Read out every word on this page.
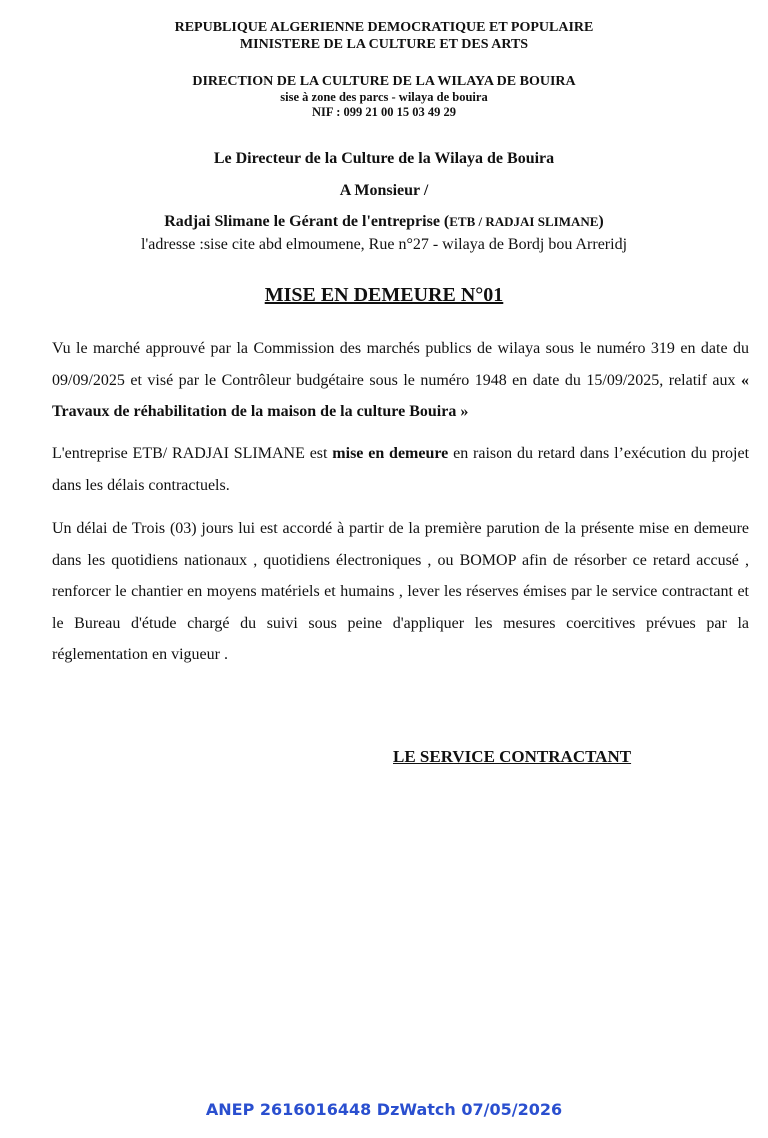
REPUBLIQUE ALGERIENNE DEMOCRATIQUE ET POPULAIRE
MINISTERE DE LA CULTURE ET DES ARTS
DIRECTION DE LA CULTURE DE LA WILAYA DE BOUIRA
sise à zone des parcs - wilaya de bouira
NIF : 099 21 00 15 03 49 29
Le Directeur de la Culture de la Wilaya de Bouira
A Monsieur /
Radjai Slimane le Gérant de l'entreprise (ETB / RADJAI SLIMANE)
l'adresse :sise cite abd elmoumene, Rue n°27 - wilaya de Bordj bou Arreridj
MISE EN DEMEURE N°01
Vu le marché approuvé par la Commission des marchés publics de wilaya sous le numéro 319 en date du 09/09/2025 et visé par le Contrôleur budgétaire sous le numéro 1948 en date du 15/09/2025, relatif aux « Travaux de réhabilitation de la maison de la culture Bouira »
L'entreprise ETB/ RADJAI SLIMANE est mise en demeure en raison du retard dans l’exécution du projet dans les délais contractuels.
Un délai de Trois (03) jours lui est accordé à partir de la première parution de la présente mise en demeure dans les quotidiens nationaux , quotidiens électroniques , ou BOMOP afin de résorber ce retard accusé , renforcer le chantier en moyens matériels et humains , lever les réserves émises par le service contractant et le Bureau d'étude chargé du suivi sous peine d'appliquer les mesures coercitives prévues par la réglementation en vigueur .
LE SERVICE CONTRACTANT
ANEP 2616016448 DzWatch 07/05/2026
